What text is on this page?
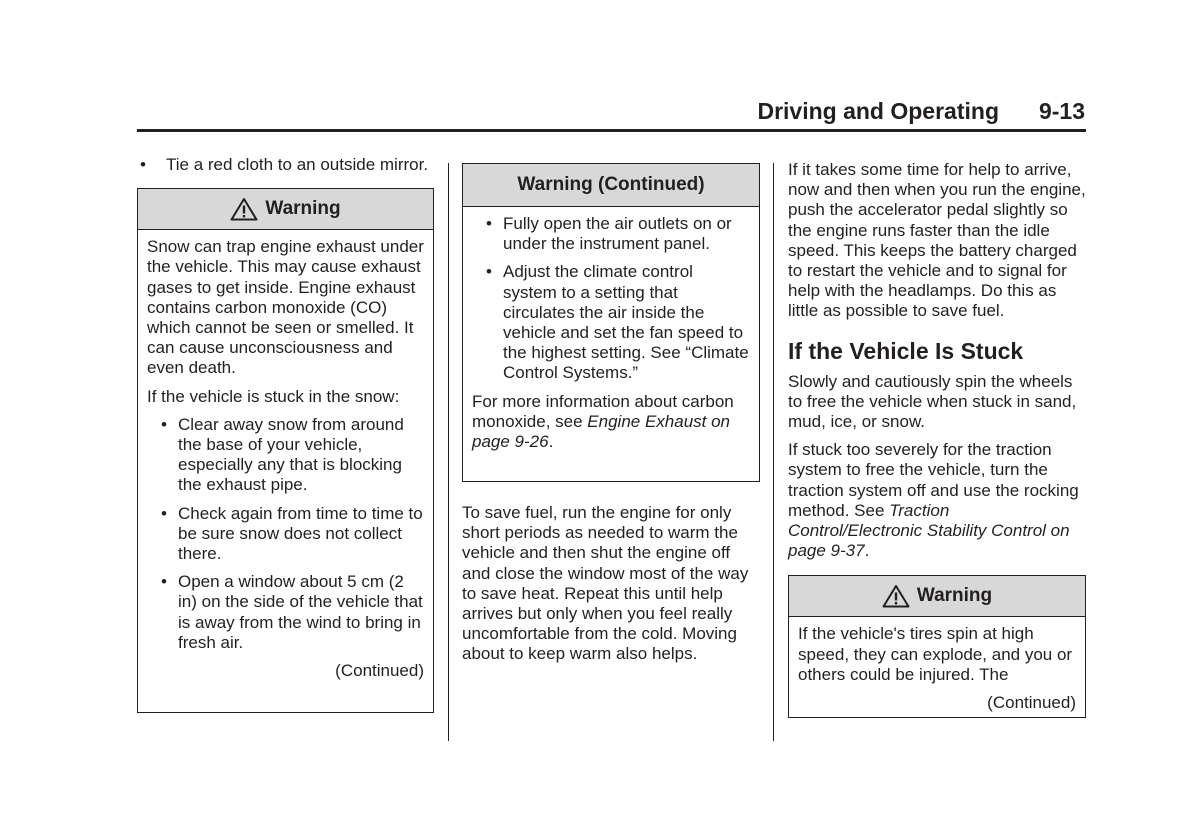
Driving and Operating 9-13
• Tie a red cloth to an outside mirror.
Warning

Snow can trap engine exhaust under the vehicle. This may cause exhaust gases to get inside. Engine exhaust contains carbon monoxide (CO) which cannot be seen or smelled. It can cause unconsciousness and even death.

If the vehicle is stuck in the snow:

• Clear away snow from around the base of your vehicle, especially any that is blocking the exhaust pipe.
• Check again from time to time to be sure snow does not collect there.
• Open a window about 5 cm (2 in) on the side of the vehicle that is away from the wind to bring in fresh air.

(Continued)

Warning (Continued)
• Fully open the air outlets on or under the instrument panel.
• Adjust the climate control system to a setting that circulates the air inside the vehicle and set the fan speed to the highest setting. See “Climate Control Systems.”

For more information about carbon monoxide, see Engine Exhaust on page 9-26.

To save fuel, run the engine for only short periods as needed to warm the vehicle and then shut the engine off and close the window most of the way to save heat. Repeat this until help arrives but only when you feel really uncomfortable from the cold. Moving about to keep warm also helps.

If it takes some time for help to arrive, now and then when you run the engine, push the accelerator pedal slightly so the engine runs faster than the idle speed. This keeps the battery charged to restart the vehicle and to signal for help with the headlamps. Do this as little as possible to save fuel.

If the Vehicle Is Stuck

Slowly and cautiously spin the wheels to free the vehicle when stuck in sand, mud, ice, or snow.

If stuck too severely for the traction system to free the vehicle, turn the traction system off and use the rocking method. See Traction Control/Electronic Stability Control on page 9-37.

Warning

If the vehicle's tires spin at high speed, they can explode, and you or others could be injured. The

(Continued)
